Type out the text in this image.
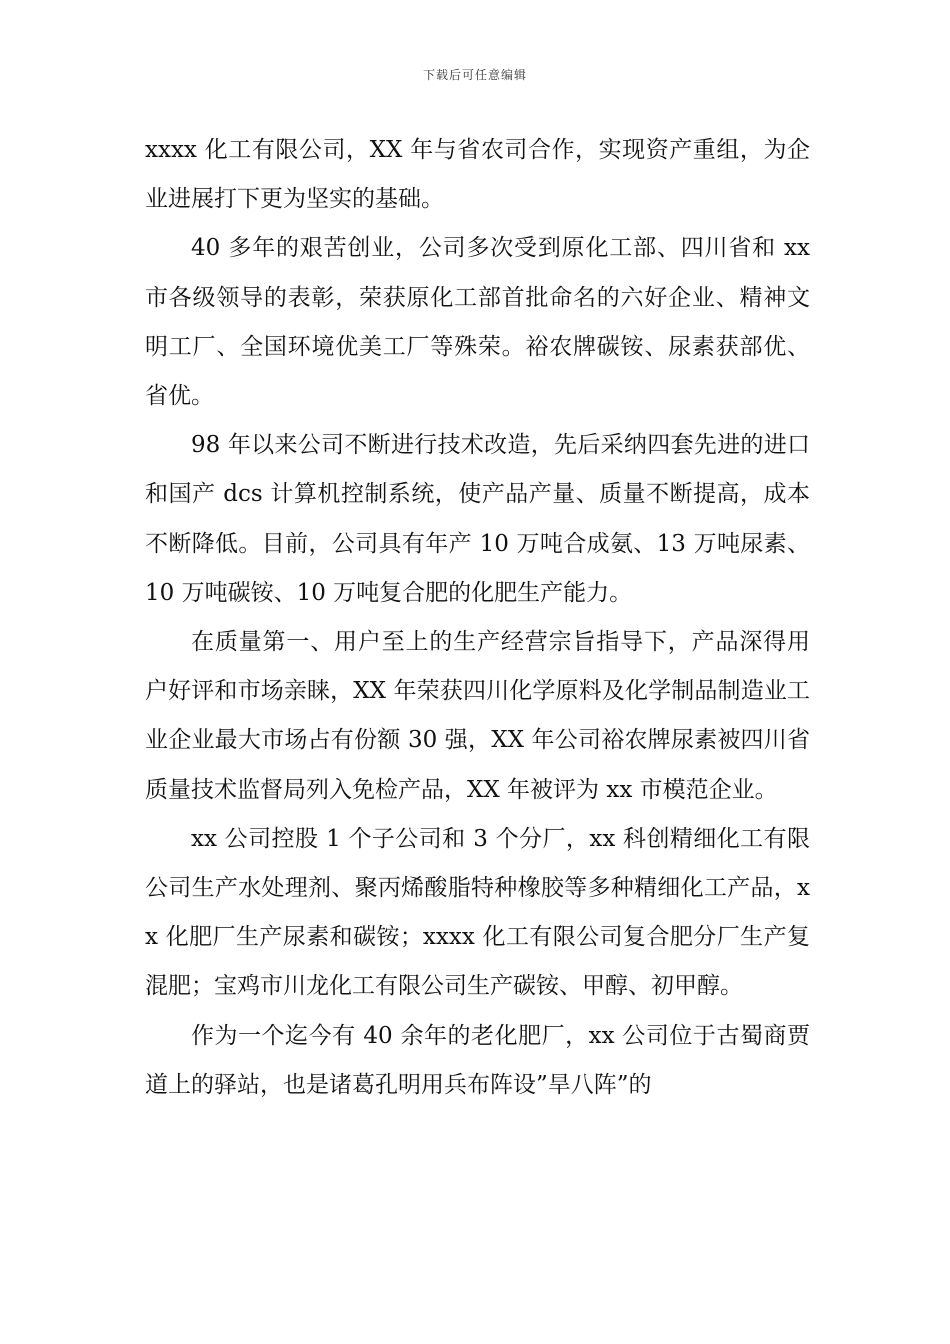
下载后可任意编辑

xxxx 化工有限公司，XX 年与省农司合作，实现资产重组，为企业进展打下更为坚实的基础。

40 多年的艰苦创业，公司多次受到原化工部、四川省和 xx 市各级领导的表彰，荣获原化工部首批命名的六好企业、精神文明工厂、全国环境优美工厂等殊荣。裕农牌碳铵、尿素获部优、省优。

98 年以来公司不断进行技术改造，先后采纳四套先进的进口和国产 dcs 计算机控制系统，使产品产量、质量不断提高，成本不断降低。目前，公司具有年产 10 万吨合成氨、13 万吨尿素、10 万吨碳铵、10 万吨复合肥的化肥生产能力。

在质量第一、用户至上的生产经营宗旨指导下，产品深得用户好评和市场亲睐，XX 年荣获四川化学原料及化学制品制造业工业企业最大市场占有份额 30 强，XX 年公司裕农牌尿素被四川省质量技术监督局列入免检产品，XX 年被评为 xx 市模范企业。

xx 公司控股 1 个子公司和 3 个分厂，xx 科创精细化工有限公司生产水处理剂、聚丙烯酸脂特种橡胶等多种精细化工产品，xx 化肥厂生产尿素和碳铵；xxxx 化工有限公司复合肥分厂生产复混肥；宝鸡市川龙化工有限公司生产碳铵、甲醇、初甲醇。

作为一个迄今有 40 余年的老化肥厂，xx 公司位于古蜀商贾道上的驿站，也是诸葛孔明用兵布阵设”旱八阵”的
